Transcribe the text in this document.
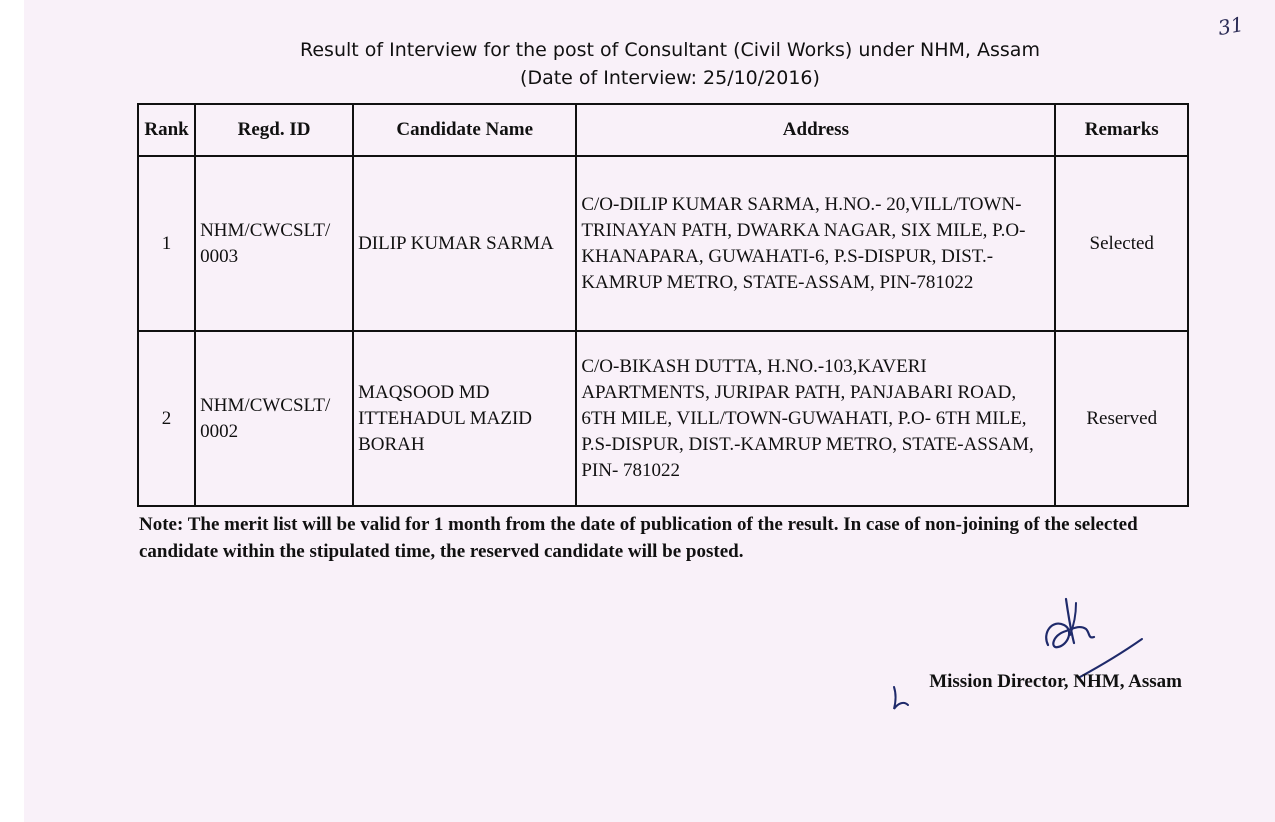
31
Result of Interview for the post of Consultant (Civil Works) under NHM, Assam
(Date of Interview: 25/10/2016)
Rank	Regd. ID	Candidate Name	Address	Remarks
1	NHM/CWCSLT/ 0003	DILIP KUMAR SARMA	C/O-DILIP KUMAR SARMA, H.NO.- 20,VILL/TOWN-TRINAYAN PATH, DWARKA NAGAR, SIX MILE, P.O-KHANAPARA, GUWAHATI-6, P.S-DISPUR, DIST.-KAMRUP METRO, STATE-ASSAM, PIN-781022	Selected
2	NHM/CWCSLT/ 0002	MAQSOOD MD ITTEHADUL MAZID BORAH	C/O-BIKASH DUTTA, H.NO.-103,KAVERI APARTMENTS, JURIPAR PATH, PANJABARI ROAD, 6TH MILE, VILL/TOWN-GUWAHATI, P.O- 6TH MILE, P.S-DISPUR, DIST.-KAMRUP METRO, STATE-ASSAM, PIN- 781022	Reserved
Note: The merit list will be valid for 1 month from the date of publication of the result. In case of non-joining of the selected candidate within the stipulated time, the reserved candidate will be posted.
Mission Director, NHM, Assam
